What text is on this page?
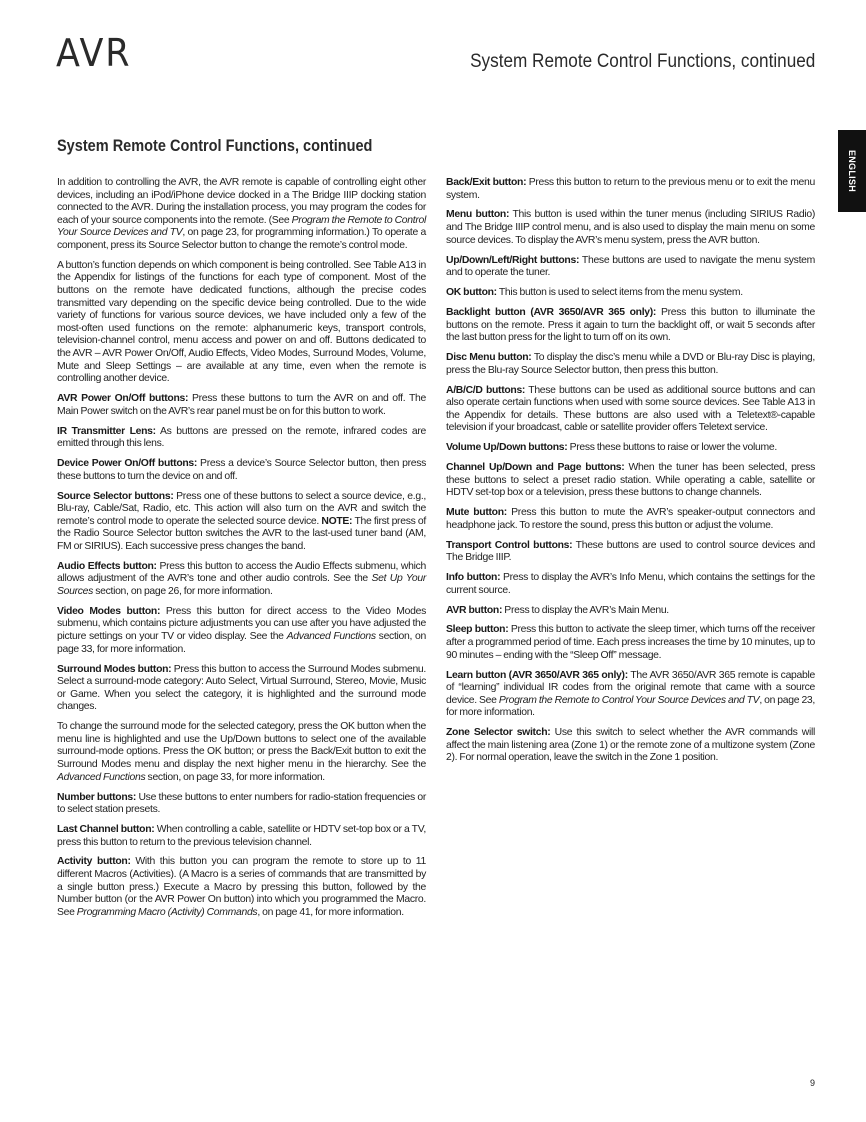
AVR	System Remote Control Functions, continued
ENGLISH
System Remote Control Functions, continued

In addition to controlling the AVR, the AVR remote is capable of controlling eight other devices, including an iPod/iPhone device docked in a The Bridge IIIP docking station connected to the AVR. During the installation process, you may program the codes for each of your source components into the remote. (See Program the Remote to Control Your Source Devices and TV, on page 23, for programming information.) To operate a component, press its Source Selector button to change the remote’s control mode.

A button’s function depends on which component is being controlled. See Table A13 in the Appendix for listings of the functions for each type of component. Most of the buttons on the remote have dedicated functions, although the precise codes transmitted vary depending on the specific device being controlled. Due to the wide variety of functions for various source devices, we have included only a few of the most-often used functions on the remote: alphanumeric keys, transport controls, television-channel control, menu access and power on and off. Buttons dedicated to the AVR – AVR Power On/Off, Audio Effects, Video Modes, Surround Modes, Volume, Mute and Sleep Settings – are available at any time, even when the remote is controlling another device.

AVR Power On/Off buttons: Press these buttons to turn the AVR on and off. The Main Power switch on the AVR’s rear panel must be on for this button to work.

IR Transmitter Lens: As buttons are pressed on the remote, infrared codes are emitted through this lens.

Device Power On/Off buttons: Press a device’s Source Selector button, then press these buttons to turn the device on and off.

Source Selector buttons: Press one of these buttons to select a source device, e.g., Blu-ray, Cable/Sat, Radio, etc. This action will also turn on the AVR and switch the remote’s control mode to operate the selected source device. NOTE: The first press of the Radio Source Selector button switches the AVR to the last-used tuner band (AM, FM or SIRIUS). Each successive press changes the band.

Audio Effects button: Press this button to access the Audio Effects submenu, which allows adjustment of the AVR’s tone and other audio controls. See the Set Up Your Sources section, on page 26, for more information.

Video Modes button: Press this button for direct access to the Video Modes submenu, which contains picture adjustments you can use after you have adjusted the picture settings on your TV or video display. See the Advanced Functions section, on page 33, for more information.

Surround Modes button: Press this button to access the Surround Modes submenu. Select a surround-mode category: Auto Select, Virtual Surround, Stereo, Movie, Music or Game. When you select the category, it is highlighted and the surround mode changes.

To change the surround mode for the selected category, press the OK button when the menu line is highlighted and use the Up/Down buttons to select one of the available surround-mode options. Press the OK button; or press the Back/Exit button to exit the Surround Modes menu and display the next higher menu in the hierarchy. See the Advanced Functions section, on page 33, for more information.

Number buttons: Use these buttons to enter numbers for radio-station frequencies or to select station presets.

Last Channel button: When controlling a cable, satellite or HDTV set-top box or a TV, press this button to return to the previous television channel.

Activity button: With this button you can program the remote to store up to 11 different Macros (Activities). (A Macro is a series of commands that are transmitted by a single button press.) Execute a Macro by pressing this button, followed by the Number button (or the AVR Power On button) into which you programmed the Macro. See Programming Macro (Activity) Commands, on page 41, for more information.

Back/Exit button: Press this button to return to the previous menu or to exit the menu system.

Menu button: This button is used within the tuner menus (including SIRIUS Radio) and The Bridge IIIP control menu, and is also used to display the main menu on some source devices. To display the AVR’s menu system, press the AVR button.

Up/Down/Left/Right buttons: These buttons are used to navigate the menu system and to operate the tuner.

OK button: This button is used to select items from the menu system.

Backlight button (AVR 3650/AVR 365 only): Press this button to illuminate the buttons on the remote. Press it again to turn the backlight off, or wait 5 seconds after the last button press for the light to turn off on its own.

Disc Menu button: To display the disc’s menu while a DVD or Blu-ray Disc is playing, press the Blu-ray Source Selector button, then press this button.

A/B/C/D buttons: These buttons can be used as additional source buttons and can also operate certain functions when used with some source devices. See Table A13 in the Appendix for details. These buttons are also used with a Teletext®-capable television if your broadcast, cable or satellite provider offers Teletext service.

Volume Up/Down buttons: Press these buttons to raise or lower the volume.

Channel Up/Down and Page buttons: When the tuner has been selected, press these buttons to select a preset radio station. While operating a cable, satellite or HDTV set-top box or a television, press these buttons to change channels.

Mute button: Press this button to mute the AVR’s speaker-output connectors and headphone jack. To restore the sound, press this button or adjust the volume.

Transport Control buttons: These buttons are used to control source devices and The Bridge IIIP.

Info button: Press to display the AVR’s Info Menu, which contains the settings for the current source.

AVR button: Press to display the AVR’s Main Menu.

Sleep button: Press this button to activate the sleep timer, which turns off the receiver after a programmed period of time. Each press increases the time by 10 minutes, up to 90 minutes – ending with the “Sleep Off” message.

Learn button (AVR 3650/AVR 365 only): The AVR 3650/AVR 365 remote is capable of “learning” individual IR codes from the original remote that came with a source device. See Program the Remote to Control Your Source Devices and TV, on page 23, for more information.

Zone Selector switch: Use this switch to select whether the AVR commands will affect the main listening area (Zone 1) or the remote zone of a multizone system (Zone 2). For normal operation, leave the switch in the Zone 1 position.

9
